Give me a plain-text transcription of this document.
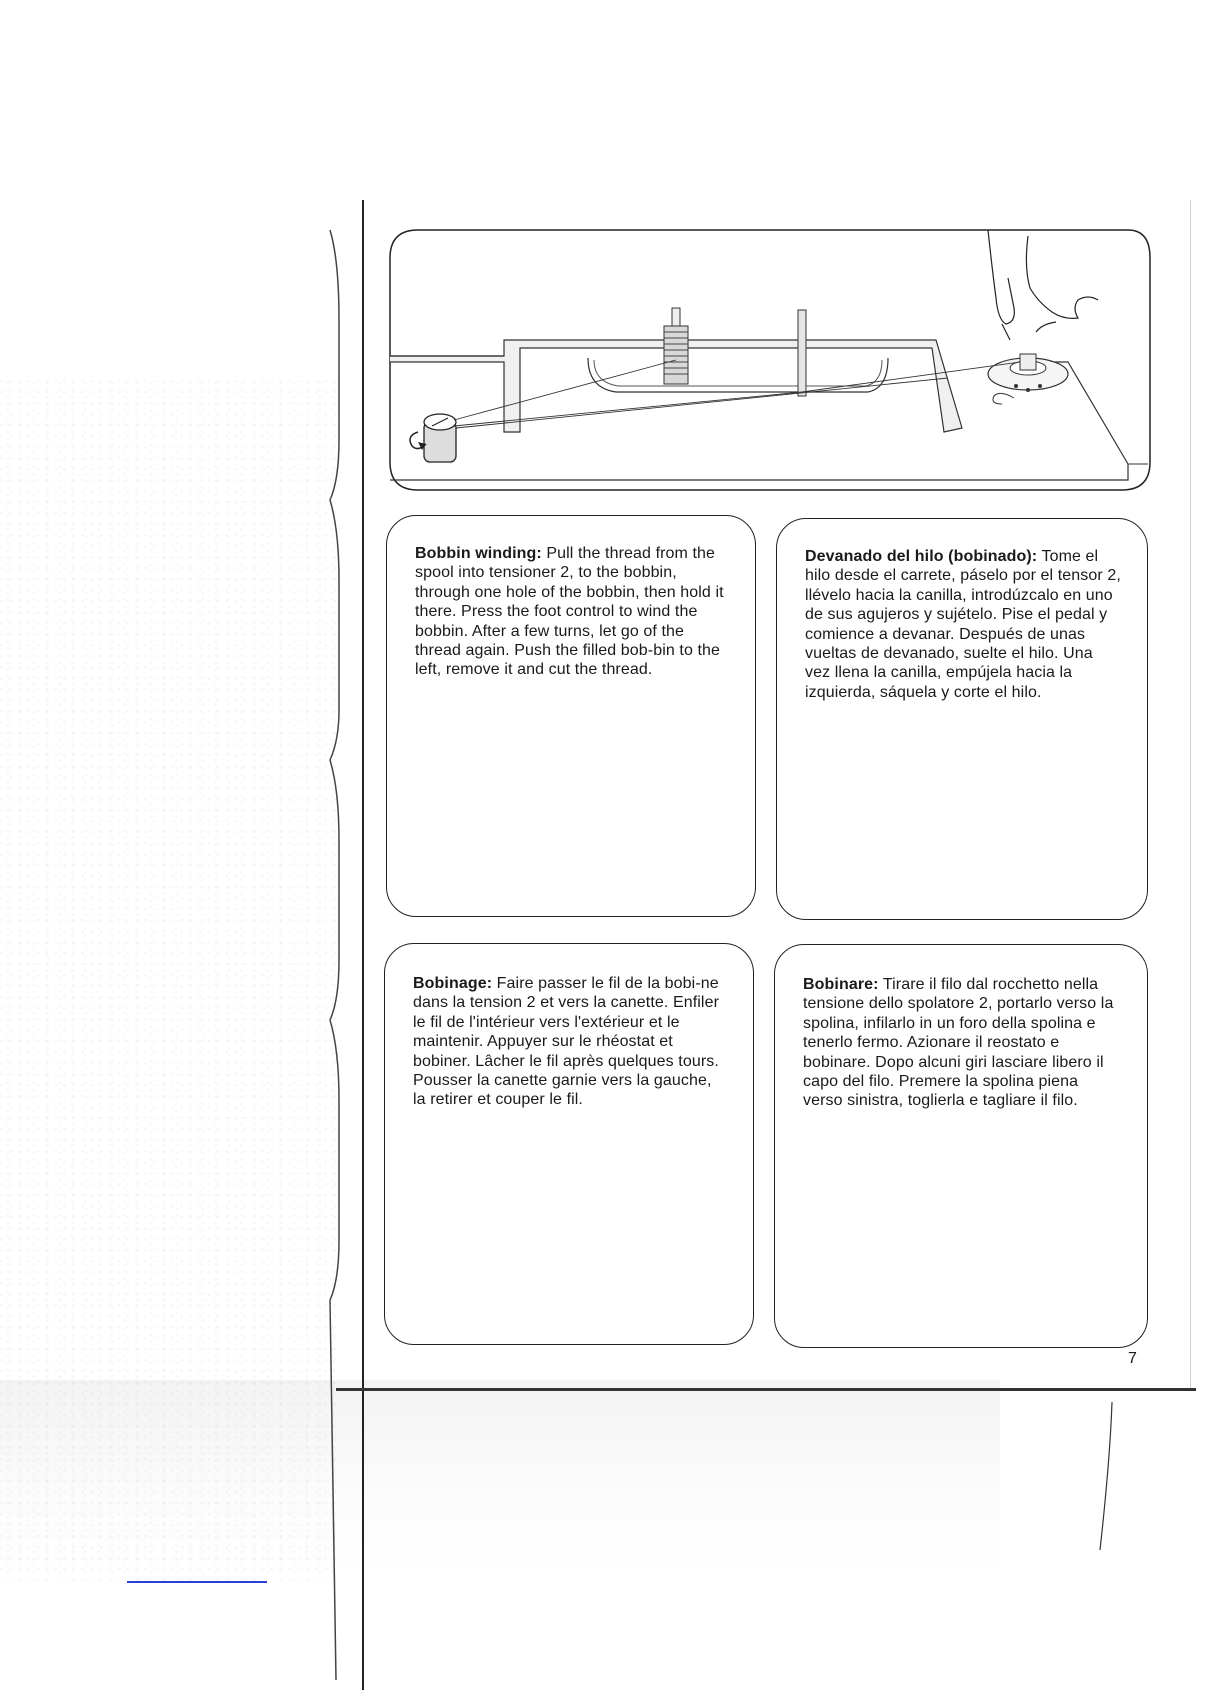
Bobbin winding: Pull the thread from the spool into tensioner 2, to the bobbin, through one hole of the bobbin, then hold it there. Press the foot control to wind the bobbin. After a few turns, let go of the thread again. Push the filled bob-bin to the left, remove it and cut the thread.
Devanado del hilo (bobinado): Tome el hilo desde el carrete, páselo por el tensor 2, llévelo hacia la canilla, introdúzcalo en uno de sus agujeros y sujételo. Pise el pedal y comience a devanar. Después de unas vueltas de devanado, suelte el hilo. Una vez llena la canilla, empújela hacia la izquierda, sáquela y corte el hilo.
Bobinage: Faire passer le fil de la bobi-ne dans la tension 2 et vers la canette. Enfiler le fil de l'intérieur vers l'extérieur et le maintenir. Appuyer sur le rhéostat et bobiner. Lâcher le fil après quelques tours. Pousser la canette garnie vers la gauche, la retirer et couper le fil.
Bobinare: Tirare il filo dal rocchetto nella tensione dello spolatore 2, portarlo verso la spolina, infilarlo in un foro della spolina e tenerlo fermo. Azionare il reostato e bobinare. Dopo alcuni giri lasciare libero il capo del filo. Premere la spolina piena verso sinistra, toglierla e tagliare il filo.
7
